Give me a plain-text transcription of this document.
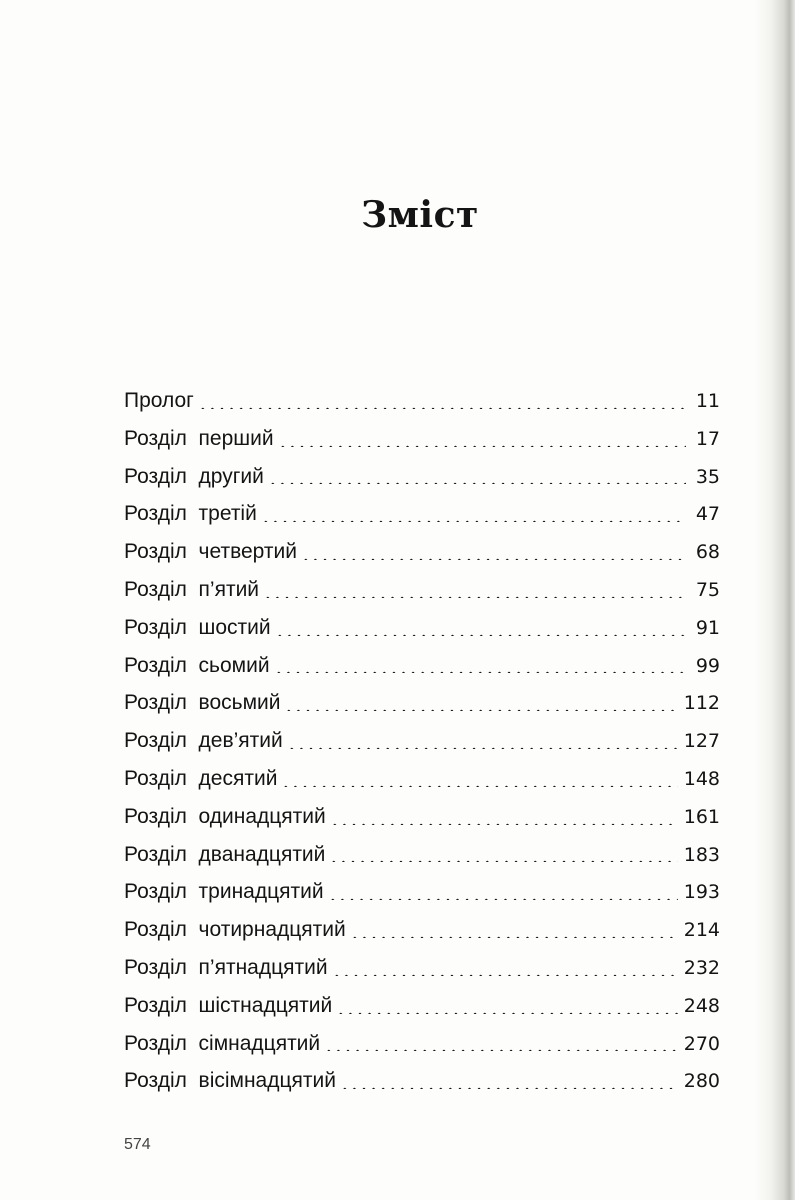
Зміст
Пролог	11
Розділ  перший	17
Розділ  другий	35
Розділ  третій	47
Розділ  четвертий	68
Розділ  п’ятий	75
Розділ  шостий	91
Розділ  сьомий	99
Розділ  восьмий	112
Розділ  дев’ятий	127
Розділ  десятий	148
Розділ  одинадцятий	161
Розділ  дванадцятий	183
Розділ  тринадцятий	193
Розділ  чотирнадцятий	214
Розділ  п’ятнадцятий	232
Розділ  шістнадцятий	248
Розділ  сімнадцятий	270
Розділ  вісімнадцятий	280
574
